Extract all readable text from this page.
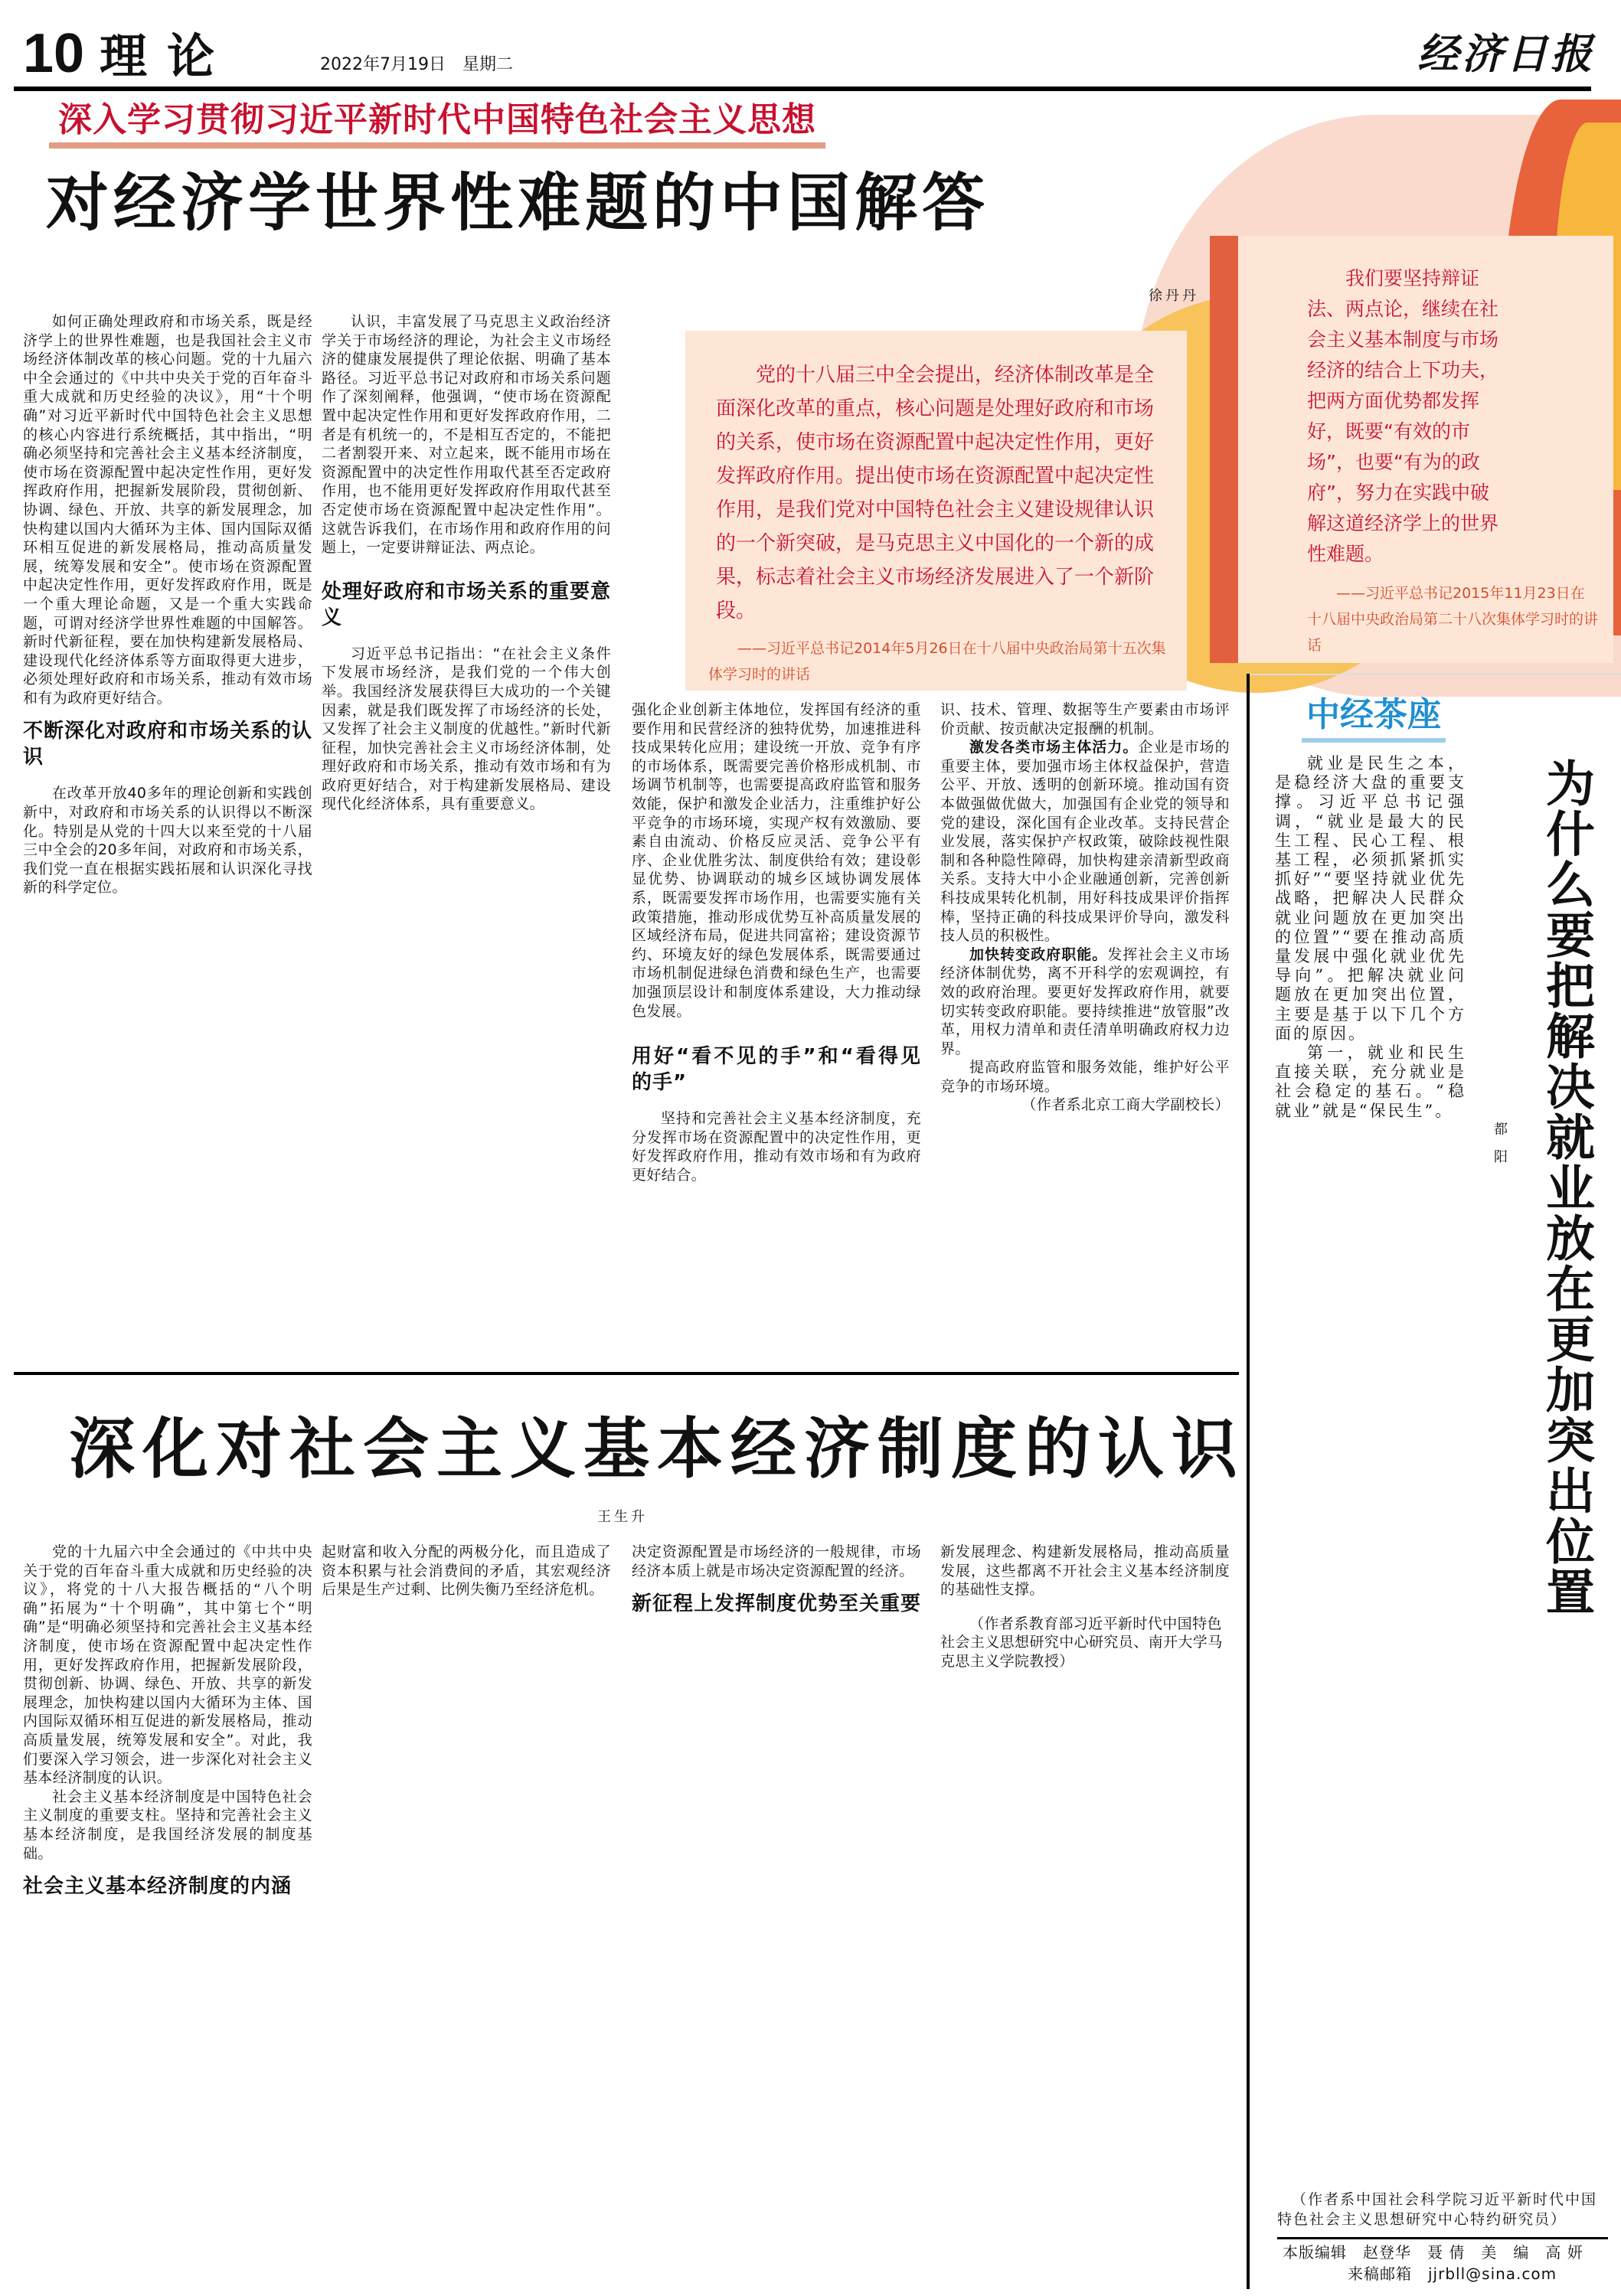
10 理论	2022年7月19日　星期二	经济日报
深入学习贯彻习近平新时代中国特色社会主义思想
对经济学世界性难题的中国解答
徐丹丹
党的十八届三中全会提出，经济体制改革是全面深化改革的重点，核心问题是处理好政府和市场的关系，使市场在资源配置中起决定性作用，更好发挥政府作用。提出使市场在资源配置中起决定性作用，是我们党对中国特色社会主义建设规律认识的一个新突破，是马克思主义中国化的一个新的成果，标志着社会主义市场经济发展进入了一个新阶段。
——习近平总书记2014年5月26日在十八届中央政治局第十五次集体学习时的讲话
我们要坚持辩证法、两点论，继续在社会主义基本制度与市场经济的结合上下功夫，把两方面优势都发挥好，既要“有效的市场”，也要“有为的政府”，努力在实践中破解这道经济学上的世界性难题。
——习近平总书记2015年11月23日在十八届中央政治局第二十八次集体学习时的讲话

如何正确处理政府和市场关系，既是经济学上的世界性难题，也是我国社会主义市场经济体制改革的核心问题。党的十九届六中全会通过的《中共中央关于党的百年奋斗重大成就和历史经验的决议》，用“十个明确”对习近平新时代中国特色社会主义思想的核心内容进行系统概括，其中指出，“明确必须坚持和完善社会主义基本经济制度，使市场在资源配置中起决定性作用，更好发挥政府作用，把握新发展阶段，贯彻创新、协调、绿色、开放、共享的新发展理念，加快构建以国内大循环为主体、国内国际双循环相互促进的新发展格局，推动高质量发展，统筹发展和安全”。使市场在资源配置中起决定性作用，更好发挥政府作用，既是一个重大理论命题，又是一个重大实践命题，可谓对经济学世界性难题的中国解答。新时代新征程，要在加快构建新发展格局、建设现代化经济体系等方面取得更大进步，必须处理好政府和市场关系，推动有效市场和有为政府更好结合。

不断深化对政府和市场关系的认识

在改革开放40多年的理论创新和实践创新中，对政府和市场关系的认识得以不断深化。特别是从党的十四大以来至党的十八届三中全会的20多年间，对政府和市场关系，我们党一直在根据实践拓展和认识深化寻找新的科学定位。

认识，丰富发展了马克思主义政治经济学关于市场经济的理论，为社会主义市场经济的健康发展提供了理论依据、明确了基本路径。习近平总书记对政府和市场关系问题作了深刻阐释，他强调，“使市场在资源配置中起决定性作用和更好发挥政府作用，二者是有机统一的，不是相互否定的，不能把二者割裂开来、对立起来，既不能用市场在资源配置中的决定性作用取代甚至否定政府作用，也不能用更好发挥政府作用取代甚至否定使市场在资源配置中起决定性作用”。这就告诉我们，在市场作用和政府作用的问题上，一定要讲辩证法、两点论。

处理好政府和市场关系的重要意义

习近平总书记指出：“在社会主义条件下发展市场经济，是我们党的一个伟大创举。我国经济发展获得巨大成功的一个关键因素，就是我们既发挥了市场经济的长处，又发挥了社会主义制度的优越性。”新时代新征程，加快完善社会主义市场经济体制，处理好政府和市场关系，推动有效市场和有为政府更好结合，对于构建新发展格局、建设现代化经济体系，具有重要意义。

强化企业创新主体地位，发挥国有经济的重要作用和民营经济的独特优势，加速推进科技成果转化应用；建设统一开放、竞争有序的市场体系，既需要完善价格形成机制、市场调节机制等，也需要提高政府监管和服务效能，保护和激发企业活力，注重维护好公平竞争的市场环境，实现产权有效激励、要素自由流动、价格反应灵活、竞争公平有序、企业优胜劣汰、制度供给有效；建设彰显优势、协调联动的城乡区域协调发展体系，既需要发挥市场作用，也需要实施有关政策措施，推动形成优势互补高质量发展的区域经济布局，促进共同富裕；建设资源节约、环境友好的绿色发展体系，既需要通过市场机制促进绿色消费和绿色生产，也需要加强顶层设计和制度体系建设，大力推动绿色发展。

用好“看不见的手”和“看得见的手”

坚持和完善社会主义基本经济制度，充分发挥市场在资源配置中的决定性作用，更好发挥政府作用，推动有效市场和有为政府更好结合。

识、技术、管理、数据等生产要素由市场评价贡献、按贡献决定报酬的机制。

激发各类市场主体活力。企业是市场的重要主体，要加强市场主体权益保护，营造公平、开放、透明的创新环境。推动国有资本做强做优做大，加强国有企业党的领导和党的建设，深化国有企业改革。支持民营企业发展，落实保护产权政策，破除歧视性限制和各种隐性障碍，加快构建亲清新型政商关系。支持大中小企业融通创新，完善创新科技成果转化机制，用好科技成果评价指挥棒，坚持正确的科技成果评价导向，激发科技人员的积极性。

加快转变政府职能。发挥社会主义市场经济体制优势，离不开科学的宏观调控，有效的政府治理。要更好发挥政府作用，就要切实转变政府职能。要持续推进“放管服”改革，用权力清单和责任清单明确政府权力边界。

提高政府监管和服务效能，维护好公平竞争的市场环境。

（作者系北京工商大学副校长）

深化对社会主义基本经济制度的认识
王生升

党的十九届六中全会通过的《中共中央关于党的百年奋斗重大成就和历史经验的决议》，将党的十八大报告概括的“八个明确”拓展为“十个明确”，其中第七个“明确”是“明确必须坚持和完善社会主义基本经济制度，使市场在资源配置中起决定性作用，更好发挥政府作用，把握新发展阶段，贯彻创新、协调、绿色、开放、共享的新发展理念，加快构建以国内大循环为主体、国内国际双循环相互促进的新发展格局，推动高质量发展，统筹发展和安全”。对此，我们要深入学习领会，进一步深化对社会主义基本经济制度的认识。

社会主义基本经济制度是中国特色社会主义制度的重要支柱。坚持和完善社会主义基本经济制度，是我国经济发展的制度基础。

社会主义基本经济制度的内涵

起财富和收入分配的两极分化，而且造成了资本积累与社会消费间的矛盾，其宏观经济后果是生产过剩、比例失衡乃至经济危机。

决定资源配置是市场经济的一般规律，市场经济本质上就是市场决定资源配置的经济。

新征程上发挥制度优势至关重要

新发展理念、构建新发展格局，推动高质量发展，这些都离不开社会主义基本经济制度的基础性支撑。

（作者系教育部习近平新时代中国特色社会主义思想研究中心研究员、南开大学马克思主义学院教授）

中经茶座

就业是民生之本，是稳经济大盘的重要支撑。习近平总书记强调，“就业是最大的民生工程、民心工程、根基工程，必须抓紧抓实抓好”“要坚持就业优先战略，把解决人民群众就业问题放在更加突出的位置”“要在推动高质量发展中强化就业优先导向”。把解决就业问题放在更加突出位置，主要是基于以下几个方面的原因。

第一，就业和民生直接关联，充分就业是社会稳定的基石。“稳就业”就是“保民生”。 为什么要把解决就业放在更加突出位置
都阳
（作者系中国社会科学院习近平新时代中国特色社会主义思想研究中心特约研究员）
本版编辑　赵登华　聂 倩　美　编　高 妍
来稿邮箱　jjrbll@sina.com
